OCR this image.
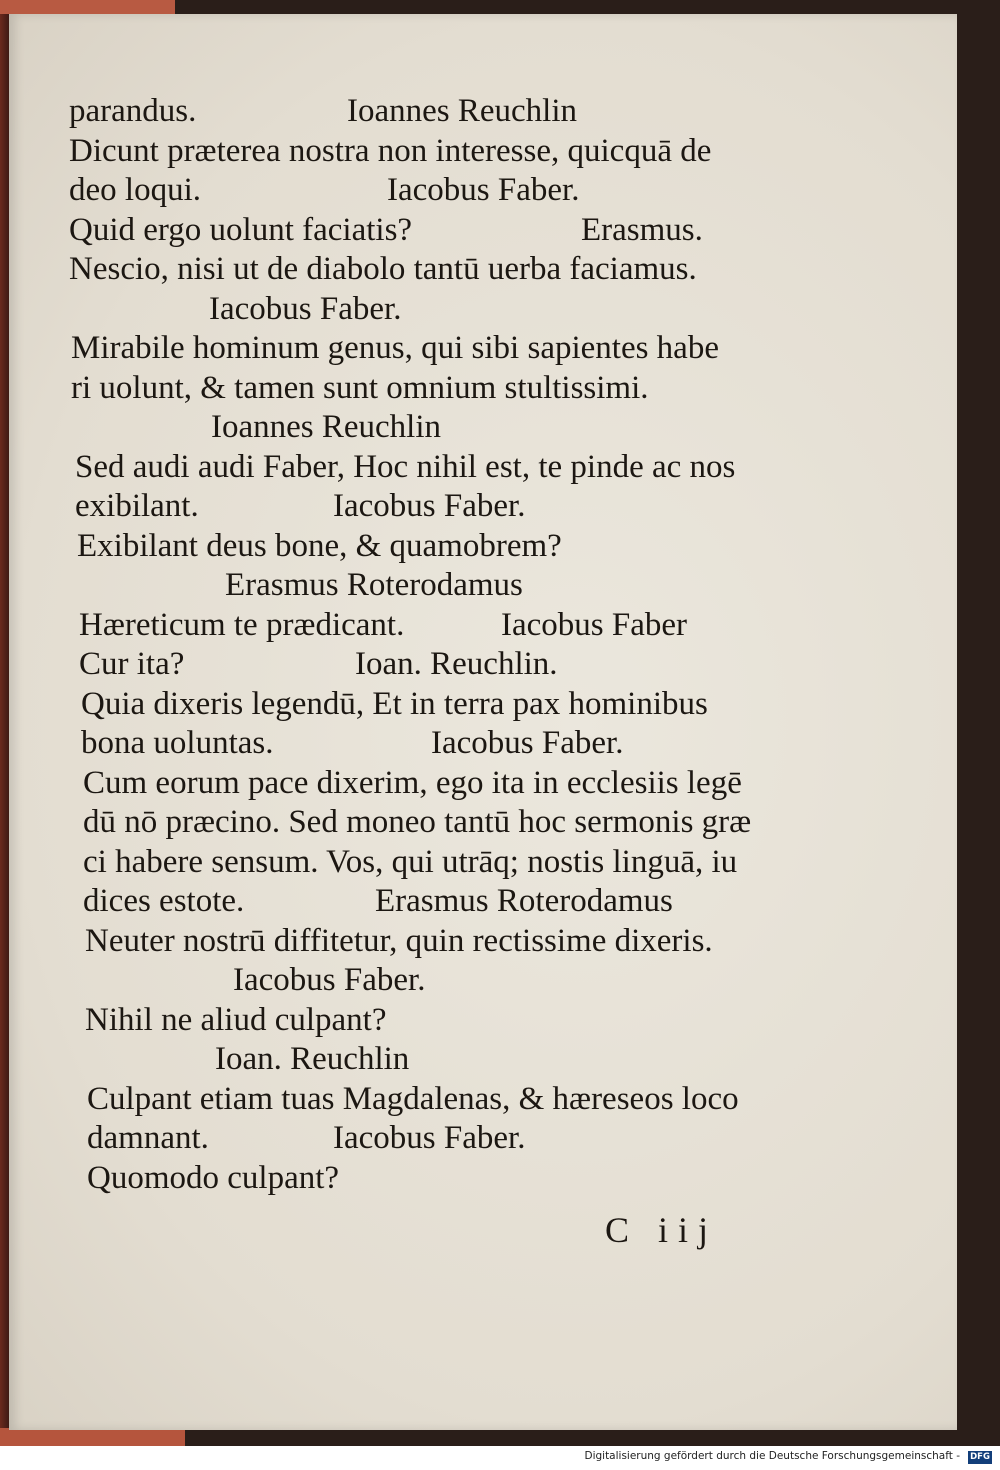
parandus.	Ioannes Reuchlin
Dicunt præterea nostra non interesse, quicquā de
deo loqui.	Iacobus Faber.
Quid ergo uolunt faciatis?	Erasmus.
Nescio, nisi ut de diabolo tantū uerba faciamus.
Iacobus Faber.
Mirabile hominum genus, qui sibi sapientes habe
ri uolunt, & tamen sunt omnium stultissimi.
Ioannes Reuchlin
Sed audi audi Faber, Hoc nihil est, te pinde ac nos
exibilant.	Iacobus Faber.
Exibilant deus bone, & quamobrem?
Erasmus Roterodamus
Hæreticum te prædicant.	Iacobus Faber
Cur ita?	Ioan. Reuchlin.
Quia dixeris legendū, Et in terra pax hominibus
bona uoluntas.	Iacobus Faber.
Cum eorum pace dixerim, ego ita in ecclesiis legē
dū nō præcino. Sed moneo tantū hoc sermonis græ
ci habere sensum. Vos, qui utrāq; nostis linguā, iu
dices estote.	Erasmus Roterodamus
Neuter nostrū diffitetur, quin rectissime dixeris.
Iacobus Faber.
Nihil ne aliud culpant?
Ioan. Reuchlin
Culpant etiam tuas Magdalenas, & hæreseos loco
damnant.	Iacobus Faber.
Quomodo culpant?
C iij
Digitalisierung gefördert durch die Deutsche Forschungsgemeinschaft - DFG
